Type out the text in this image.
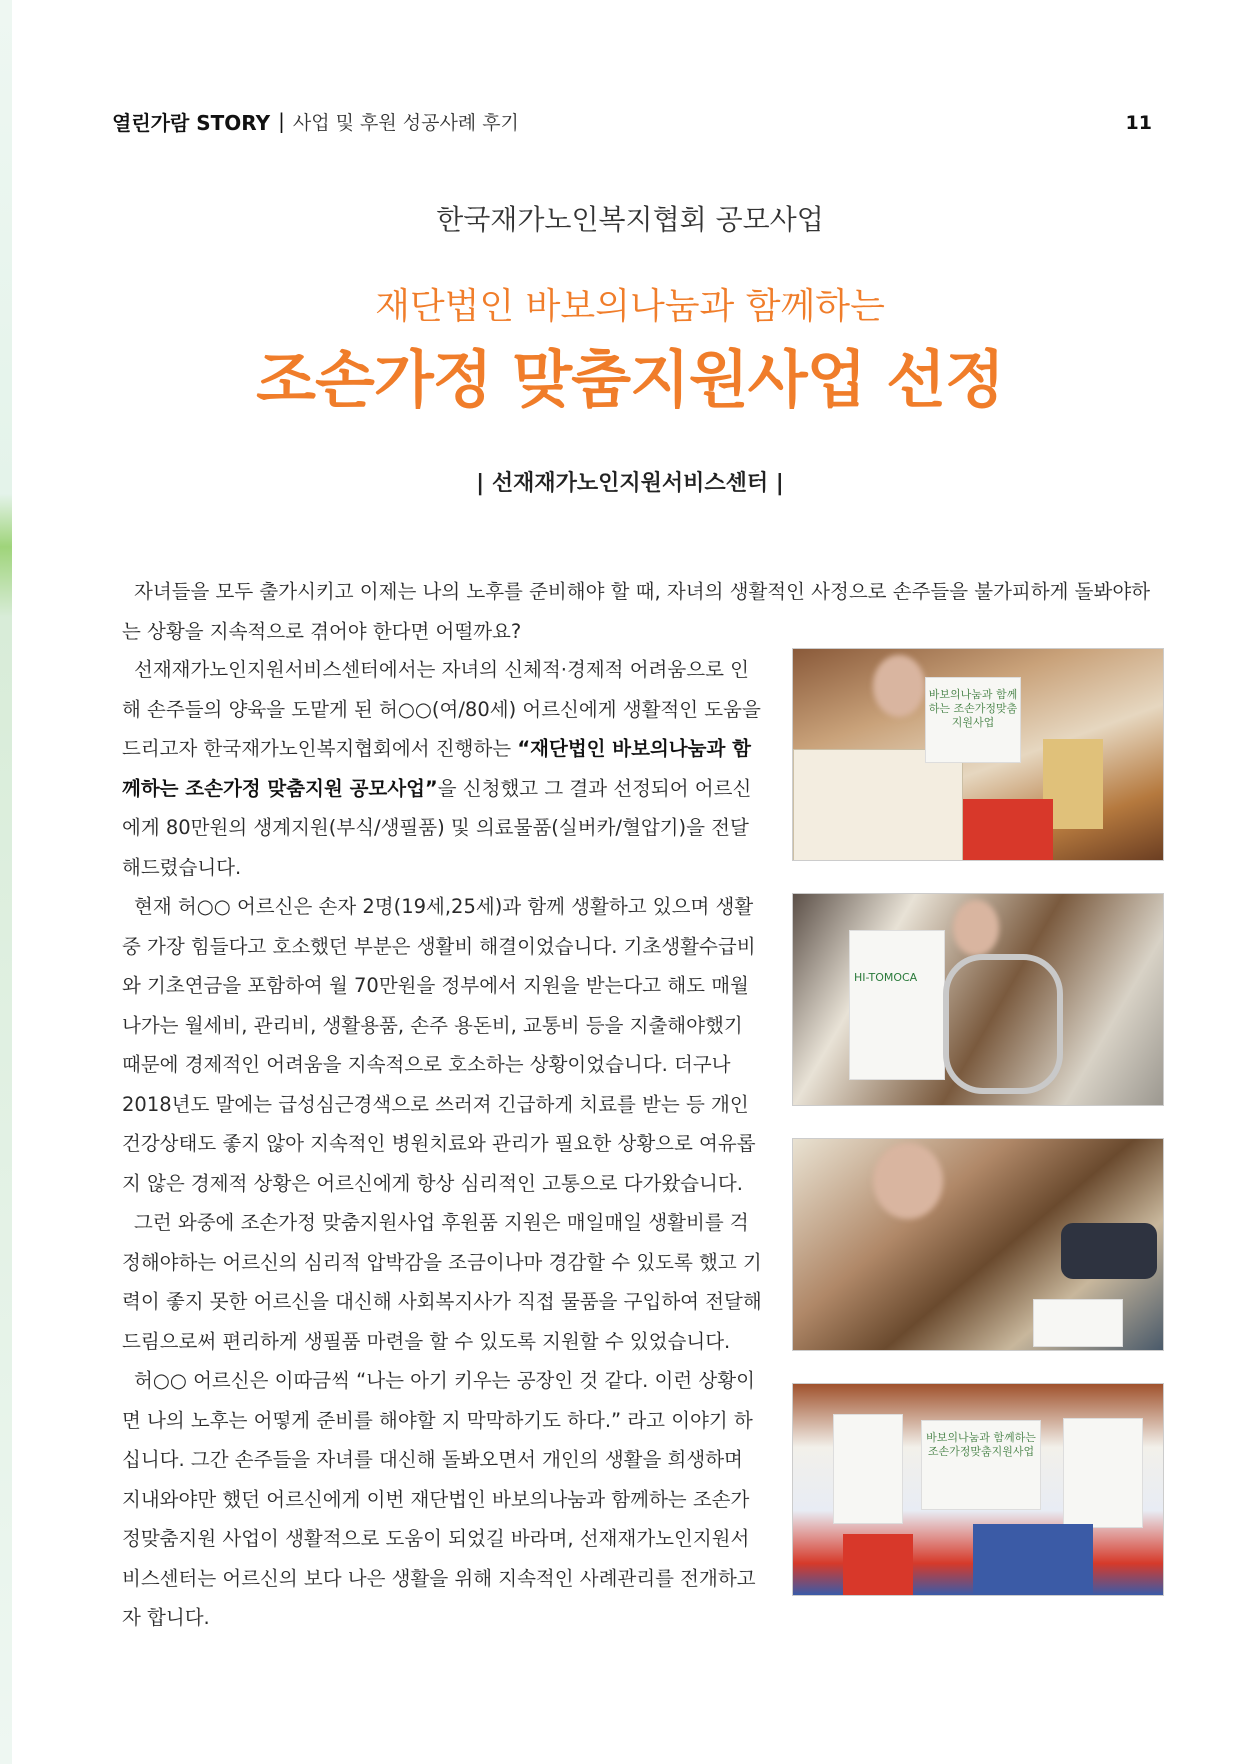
열린가람 STORY | 사업 및 후원 성공사례 후기	11
한국재가노인복지협회 공모사업
재단법인 바보의나눔과 함께하는
조손가정 맞춤지원사업 선정
| 선재재가노인지원서비스센터 |
자녀들을 모두 출가시키고 이제는 나의 노후를 준비해야 할 때, 자녀의 생활적인 사정으로 손주들을 불가피하게 돌봐야하는 상황을 지속적으로 겪어야 한다면 어떨까요?

선재재가노인지원서비스센터에서는 자녀의 신체적·경제적 어려움으로 인해 손주들의 양육을 도맡게 된 허○○(여/80세) 어르신에게 생활적인 도움을 드리고자 한국재가노인복지협회에서 진행하는 “재단법인 바보의나눔과 함께하는 조손가정 맞춤지원 공모사업”을 신청했고 그 결과 선정되어 어르신에게 80만원의 생계지원(부식/생필품) 및 의료물품(실버카/혈압기)을 전달해드렸습니다.

현재 허○○ 어르신은 손자 2명(19세,25세)과 함께 생활하고 있으며 생활 중 가장 힘들다고 호소했던 부분은 생활비 해결이었습니다. 기초생활수급비와 기초연금을 포함하여 월 70만원을 정부에서 지원을 받는다고 해도 매월 나가는 월세비, 관리비, 생활용품, 손주 용돈비, 교통비 등을 지출해야했기 때문에 경제적인 어려움을 지속적으로 호소하는 상황이었습니다. 더구나 2018년도 말에는 급성심근경색으로 쓰러져 긴급하게 치료를 받는 등 개인 건강상태도 좋지 않아 지속적인 병원치료와 관리가 필요한 상황으로 여유롭지 않은 경제적 상황은 어르신에게 항상 심리적인 고통으로 다가왔습니다.

그런 와중에 조손가정 맞춤지원사업 후원품 지원은 매일매일 생활비를 걱정해야하는 어르신의 심리적 압박감을 조금이나마 경감할 수 있도록 했고 기력이 좋지 못한 어르신을 대신해 사회복지사가 직접 물품을 구입하여 전달해드림으로써 편리하게 생필품 마련을 할 수 있도록 지원할 수 있었습니다.

허○○ 어르신은 이따금씩 “나는 아기 키우는 공장인 것 같다. 이런 상황이면 나의 노후는 어떻게 준비를 해야할 지 막막하기도 하다.” 라고 이야기 하십니다. 그간 손주들을 자녀를 대신해 돌봐오면서 개인의 생활을 희생하며 지내와야만 했던 어르신에게 이번 재단법인 바보의나눔과 함께하는 조손가정맞춤지원 사업이 생활적으로 도움이 되었길 바라며, 선재재가노인지원서비스센터는 어르신의 보다 나은 생활을 위해 지속적인 사례관리를 전개하고자 합니다.

바보의나눔과 함께하는 조손가정맞춤지원사업
HI-TOMOCA
바보의나눔과 함께하는 조손가정맞춤지원사업
